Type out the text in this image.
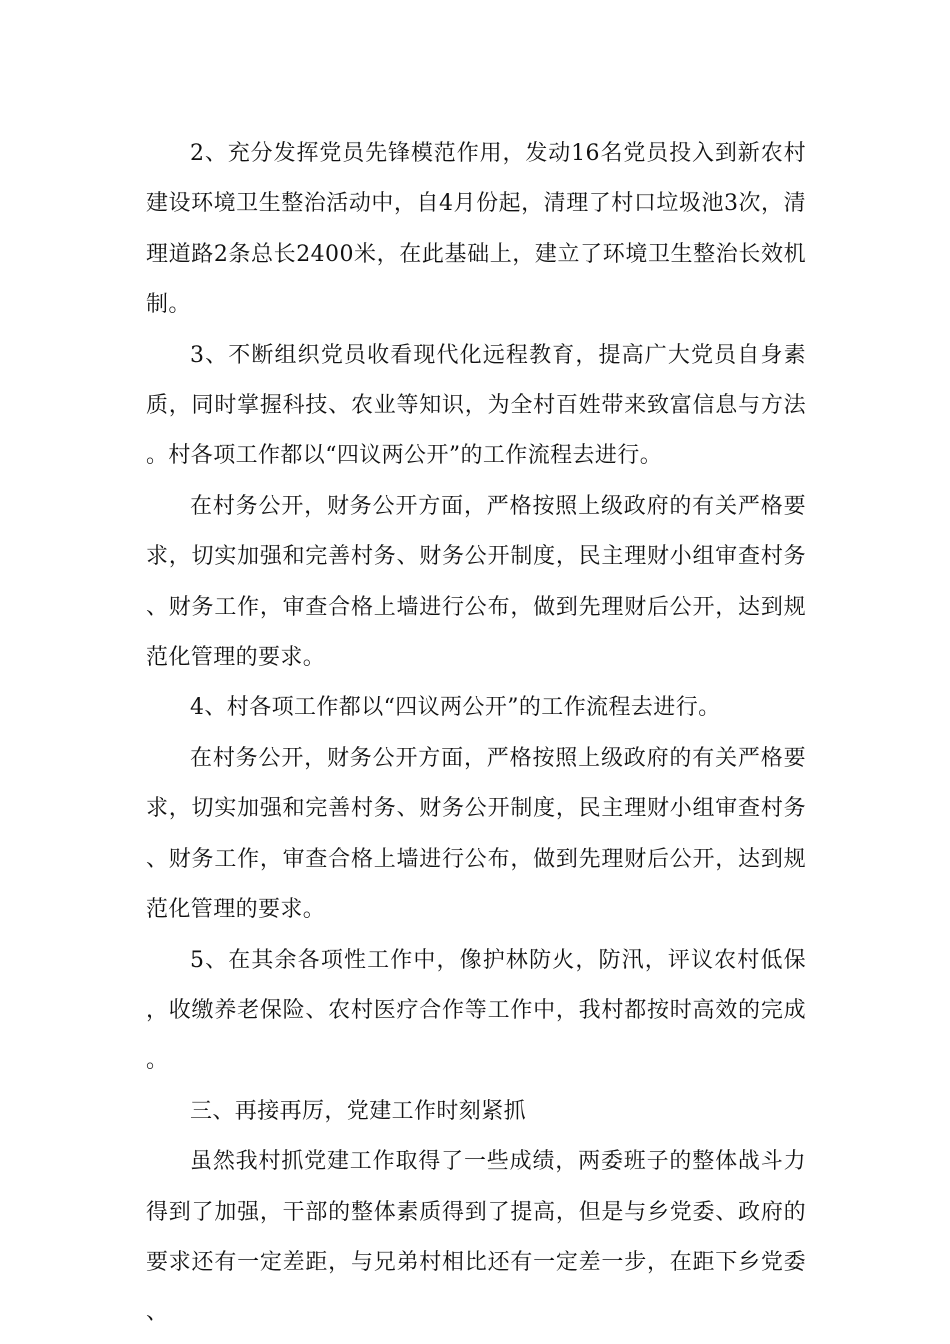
2、充分发挥党员先锋模范作用，发动16名党员投入到新农村建设环境卫生整治活动中，自4月份起，清理了村口垃圾池3次，清理道路2条总长2400米，在此基础上，建立了环境卫生整治长效机制。

3、不断组织党员收看现代化远程教育，提高广大党员自身素质，同时掌握科技、农业等知识，为全村百姓带来致富信息与方法。村各项工作都以“四议两公开”的工作流程去进行。

在村务公开，财务公开方面，严格按照上级政府的有关严格要求，切实加强和完善村务、财务公开制度，民主理财小组审查村务、财务工作，审查合格上墙进行公布，做到先理财后公开，达到规范化管理的要求。

4、村各项工作都以“四议两公开”的工作流程去进行。

在村务公开，财务公开方面，严格按照上级政府的有关严格要求，切实加强和完善村务、财务公开制度，民主理财小组审查村务、财务工作，审查合格上墙进行公布，做到先理财后公开，达到规范化管理的要求。

5、在其余各项性工作中，像护林防火，防汛，评议农村低保，收缴养老保险、农村医疗合作等工作中，我村都按时高效的完成。

三、再接再厉，党建工作时刻紧抓

虽然我村抓党建工作取得了一些成绩，两委班子的整体战斗力得到了加强，干部的整体素质得到了提高，但是与乡党委、政府的要求还有一定差距，与兄弟村相比还有一定差一步，在距下乡党委、
